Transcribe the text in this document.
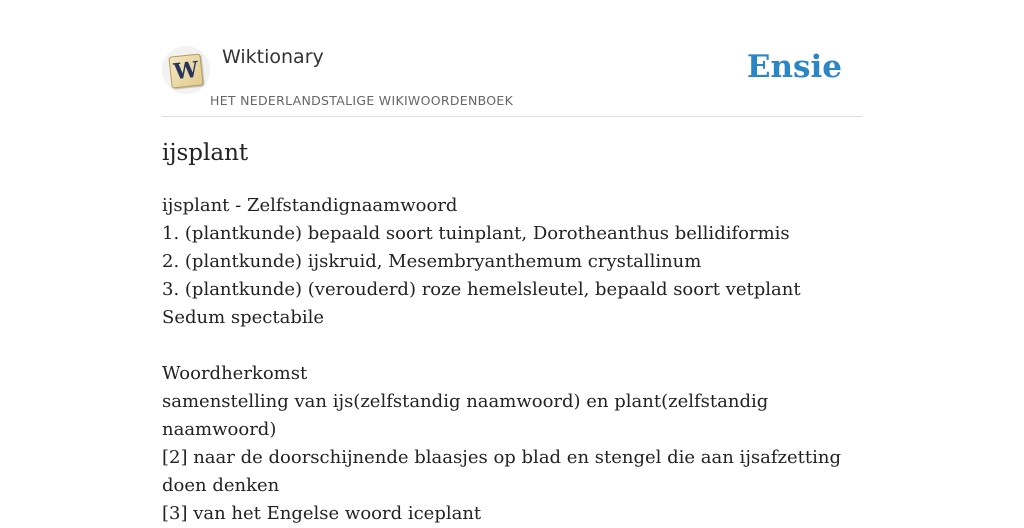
W Wiktionary
HET NEDERLANDSTALIGE WIKIWOORDENBOEK
Ensie
ijsplant

ijsplant - Zelfstandignaamwoord

1. (plantkunde) bepaald soort tuinplant, Dorotheanthus bellidiformis

2. (plantkunde) ijskruid, Mesembryanthemum crystallinum

3. (plantkunde) (verouderd) roze hemelsleutel, bepaald soort vetplant Sedum spectabile

Woordherkomst

samenstelling van ijs(zelfstandig naamwoord) en plant(zelfstandig naamwoord)

[2] naar de doorschijnende blaasjes op blad en stengel die aan ijsafzetting doen denken

[3] van het Engelse woord iceplant
